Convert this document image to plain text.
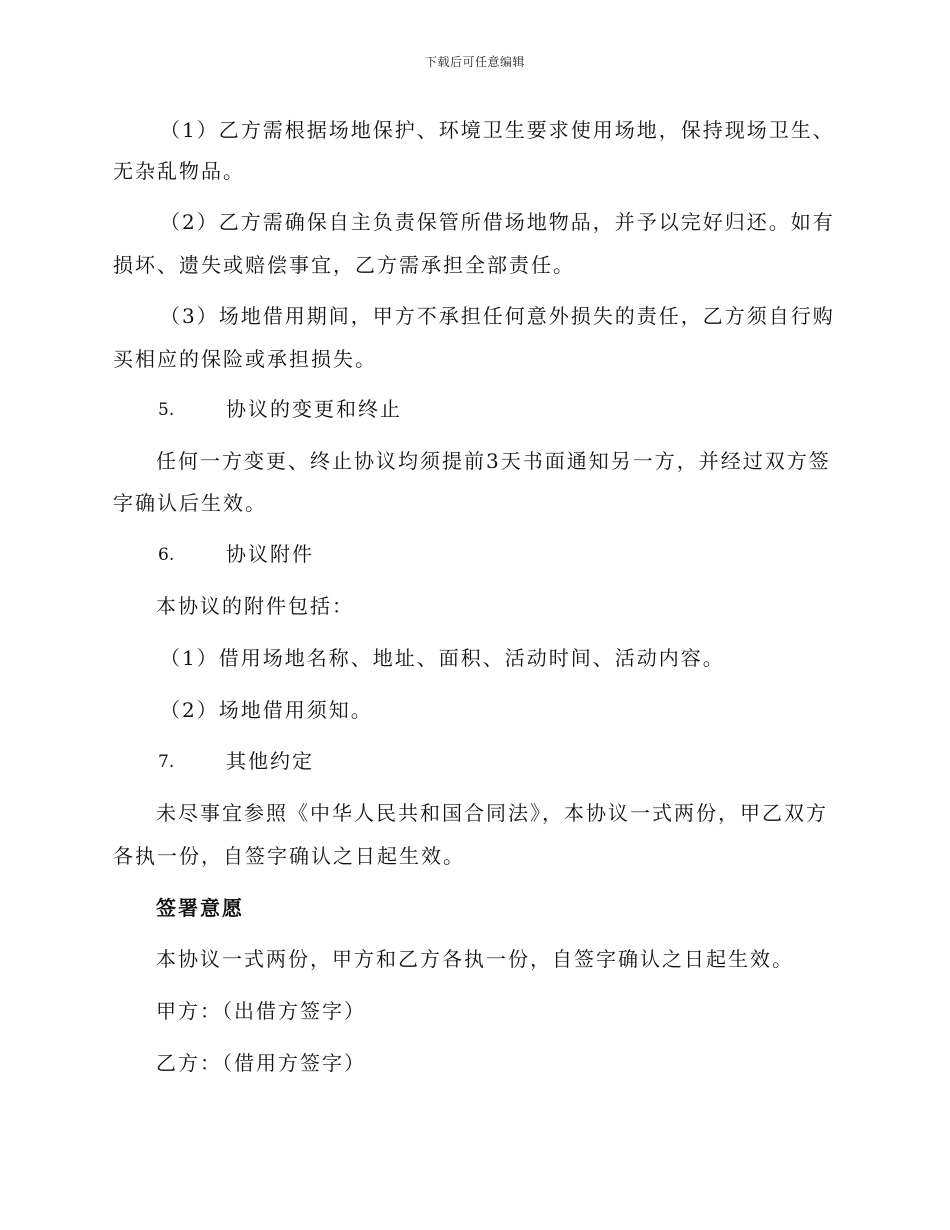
下载后可任意编辑
（1）乙方需根据场地保护、环境卫生要求使用场地，保持现场卫生、
无杂乱物品。
（2）乙方需确保自主负责保管所借场地物品，并予以完好归还。如有
损坏、遗失或赔偿事宜，乙方需承担全部责任。
（3）场地借用期间，甲方不承担任何意外损失的责任，乙方须自行购
买相应的保险或承担损失。
5.	协议的变更和终止
任何一方变更、终止协议均须提前3天书面通知另一方，并经过双方签
字确认后生效。
6.	协议附件
本协议的附件包括：
（1）借用场地名称、地址、面积、活动时间、活动内容。
（2）场地借用须知。
7.	其他约定
未尽事宜参照《中华人民共和国合同法》，本协议一式两份，甲乙双方
各执一份，自签字确认之日起生效。
签署意愿
本协议一式两份，甲方和乙方各执一份，自签字确认之日起生效。
甲方：（出借方签字）
乙方：（借用方签字）
